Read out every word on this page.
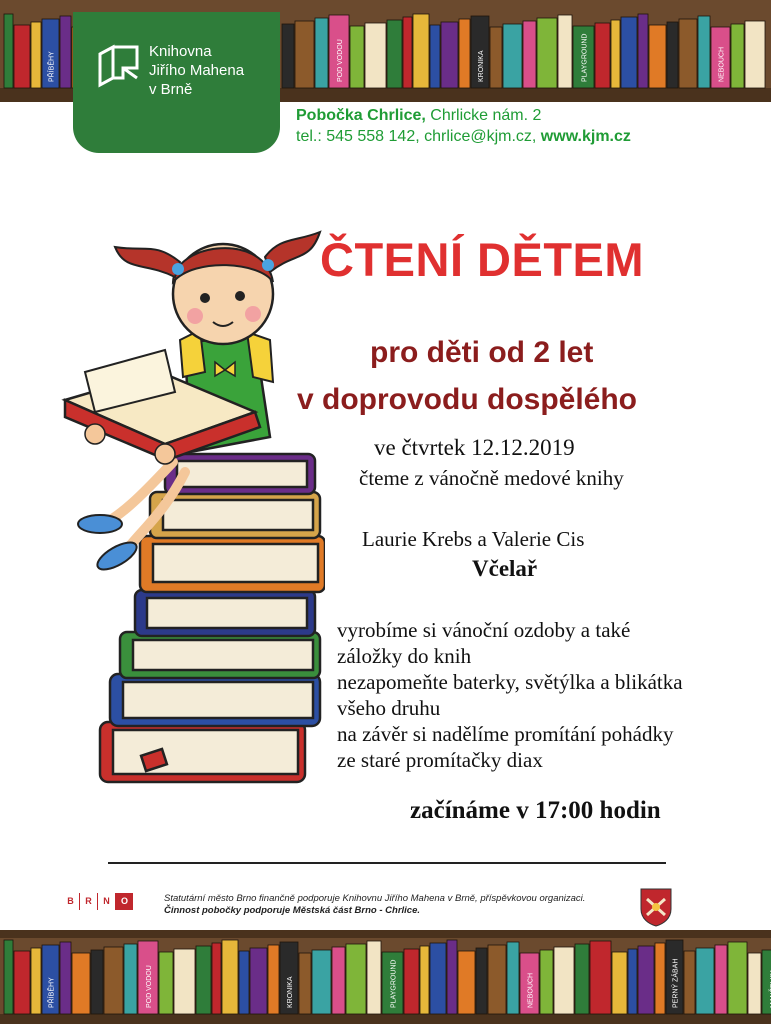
PŘÍBĚHY	POD VODOU	KRONIKA	PLAYGROUND	NEBOUCH
Knihovna
Jiřího Mahena
v Brně
Pobočka Chrlice, Chrlicke nám. 2
tel.: 545 558 142, chrlice@kjm.cz, www.kjm.cz
ČTENÍ DĚTEM
pro děti od 2 let
v doprovodu dospělého
ve čtvrtek 12.12.2019
čteme z vánočně medové knihy
Laurie Krebs a Valerie Cis
Včelař
vyrobíme si vánoční ozdoby a také
záložky do knih
nezapomeňte baterky, světýlka a blikátka
všeho druhu
na závěr si nadělíme promítání pohádky
ze staré promítačky diax
začínáme v 17:00 hodin
B	R	N	O	Statutární město Brno finančně podporuje Knihovnu Jiřího Mahena v Brně, příspěvkovou organizaci.
Činnost pobočky podporuje Městská část Brno - Chrlice.
PŘÍBĚHY	POD VODOU	KRONIKA	PLAYGROUND	NEBOUCH	PERNÝ ZÁBAH
